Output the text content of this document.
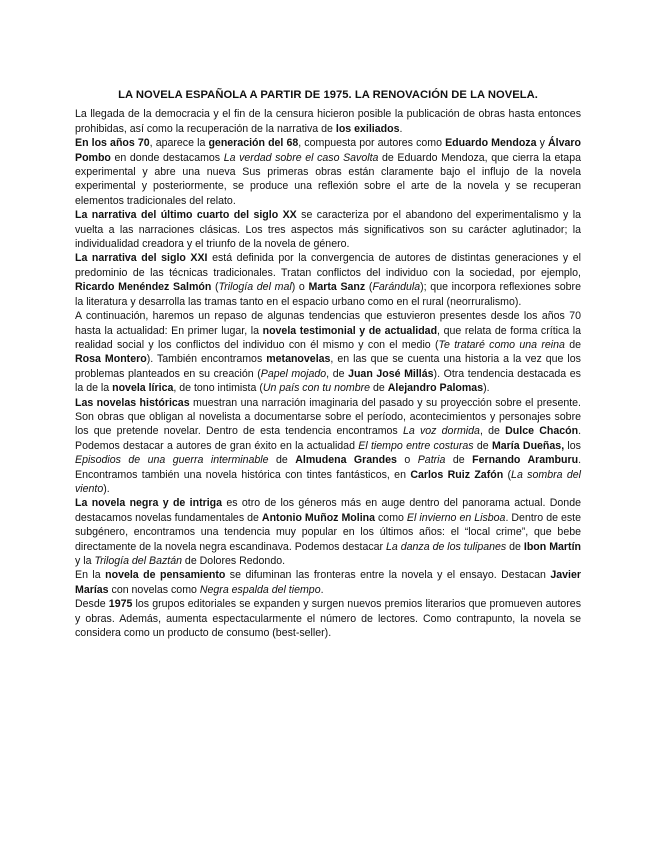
LA NOVELA ESPAÑOLA A PARTIR DE 1975. LA RENOVACIÓN DE LA NOVELA.

La llegada de la democracia y el fin de la censura hicieron posible la publicación de obras hasta entonces prohibidas, así como la recuperación de la narrativa de los exiliados.

En los años 70, aparece la generación del 68, compuesta por autores como Eduardo Mendoza y Álvaro Pombo en donde destacamos La verdad sobre el caso Savolta de Eduardo Mendoza, que cierra la etapa experimental y abre una nueva Sus primeras obras están claramente bajo el influjo de la novela experimental y posteriormente, se produce una reflexión sobre el arte de la novela y se recuperan elementos tradicionales del relato.

La narrativa del último cuarto del siglo XX se caracteriza por el abandono del experimentalismo y la vuelta a las narraciones clásicas. Los tres aspectos más significativos son su carácter aglutinador; la individualidad creadora y el triunfo de la novela de género.

La narrativa del siglo XXI está definida por la convergencia de autores de distintas generaciones y el predominio de las técnicas tradicionales. Tratan conflictos del individuo con la sociedad, por ejemplo, Ricardo Menéndez Salmón (Trilogía del mal) o Marta Sanz (Farándula); que incorpora reflexiones sobre la literatura y desarrolla las tramas tanto en el espacio urbano como en el rural (neorruralismo).

A continuación, haremos un repaso de algunas tendencias que estuvieron presentes desde los años 70 hasta la actualidad: En primer lugar, la novela testimonial y de actualidad, que relata de forma crítica la realidad social y los conflictos del individuo con él mismo y con el medio (Te trataré como una reina de Rosa Montero). También encontramos metanovelas, en las que se cuenta una historia a la vez que los problemas planteados en su creación (Papel mojado, de Juan José Millás). Otra tendencia destacada es la de la novela lírica, de tono intimista (Un país con tu nombre de Alejandro Palomas).

Las novelas históricas muestran una narración imaginaria del pasado y su proyección sobre el presente. Son obras que obligan al novelista a documentarse sobre el período, acontecimientos y personajes sobre los que pretende novelar. Dentro de esta tendencia encontramos La voz dormida, de Dulce Chacón. Podemos destacar a autores de gran éxito en la actualidad El tiempo entre costuras de María Dueñas, los Episodios de una guerra interminable de Almudena Grandes o Patria de Fernando Aramburu. Encontramos también una novela histórica con tintes fantásticos, en Carlos Ruiz Zafón (La sombra del viento).

La novela negra y de intriga es otro de los géneros más en auge dentro del panorama actual. Donde destacamos novelas fundamentales de Antonio Muñoz Molina como El invierno en Lisboa. Dentro de este subgénero, encontramos una tendencia muy popular en los últimos años: el “local crime”, que bebe directamente de la novela negra escandinava. Podemos destacar La danza de los tulipanes de Ibon Martín y la Trilogía del Baztán de Dolores Redondo.

En la novela de pensamiento se difuminan las fronteras entre la novela y el ensayo. Destacan Javier Marías con novelas como Negra espalda del tiempo.

Desde 1975 los grupos editoriales se expanden y surgen nuevos premios literarios que promueven autores y obras. Además, aumenta espectacularmente el número de lectores. Como contrapunto, la novela se considera como un producto de consumo (best-seller).
